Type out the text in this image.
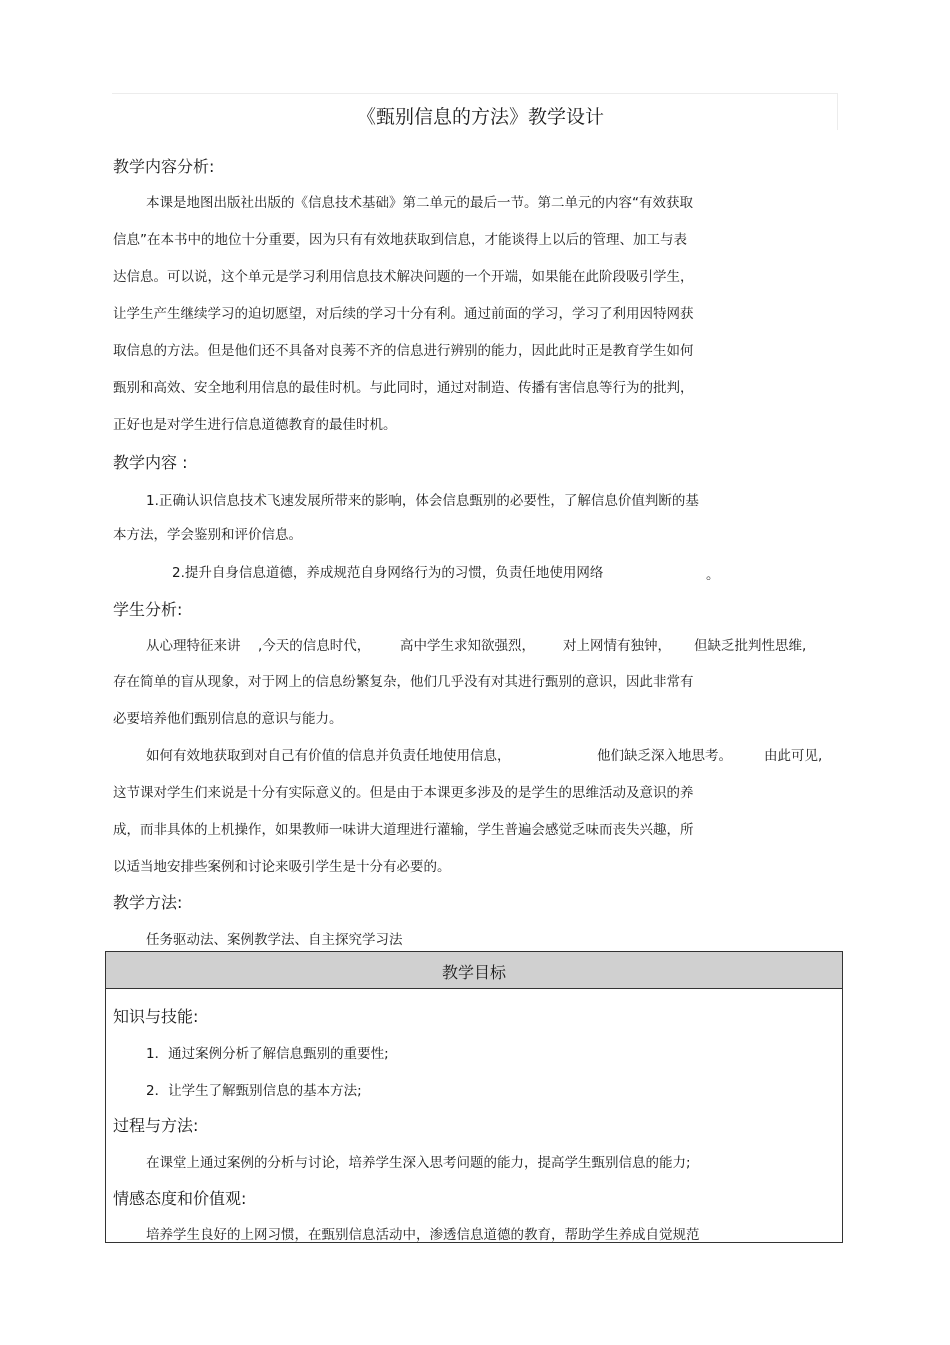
《甄别信息的方法》教学设计
教学内容分析:
本课是地图出版社出版的《信息技术基础》第二单元的最后一节。第二单元的内容“有效获取
信息”在本书中的地位十分重要，因为只有有效地获取到信息，才能谈得上以后的管理、加工与表
达信息。可以说，这个单元是学习利用信息技术解决问题的一个开端，如果能在此阶段吸引学生，
让学生产生继续学习的迫切愿望，对后续的学习十分有利。通过前面的学习，学习了利用因特网获
取信息的方法。但是他们还不具备对良莠不齐的信息进行辨别的能力，因此此时正是教育学生如何
甄别和高效、安全地利用信息的最佳时机。与此同时，通过对制造、传播有害信息等行为的批判，
正好也是对学生进行信息道德教育的最佳时机。
教学内容 :
1.正确认识信息技术飞速发展所带来的影响，体会信息甄别的必要性，了解信息价值判断的基
本方法，学会鉴别和评价信息。
2.提升自身信息道德，养成规范自身网络行为的习惯，负责任地使用网络	。
学生分析:
从心理特征来讲 ,今天的信息时代， 高中学生求知欲强烈， 对上网情有独钟， 但缺乏批判性思维,
存在简单的盲从现象，对于网上的信息纷繁复杂，他们几乎没有对其进行甄别的意识，因此非常有
必要培养他们甄别信息的意识与能力。
如何有效地获取到对自己有价值的信息并负责任地使用信息，	他们缺乏深入地思考。 由此可见,
这节课对学生们来说是十分有实际意义的。但是由于本课更多涉及的是学生的思维活动及意识的养
成，而非具体的上机操作，如果教师一味讲大道理进行灌输，学生普遍会感觉乏味而丧失兴趣，所
以适当地安排些案例和讨论来吸引学生是十分有必要的。
教学方法:
任务驱动法、案例教学法、自主探究学习法
教学目标
知识与技能:
1．通过案例分析了解信息甄别的重要性;
2．让学生了解甄别信息的基本方法;
过程与方法:
在课堂上通过案例的分析与讨论，培养学生深入思考问题的能力，提高学生甄别信息的能力;
情感态度和价值观:
培养学生良好的上网习惯，在甄别信息活动中，渗透信息道德的教育，帮助学生养成自觉规范
